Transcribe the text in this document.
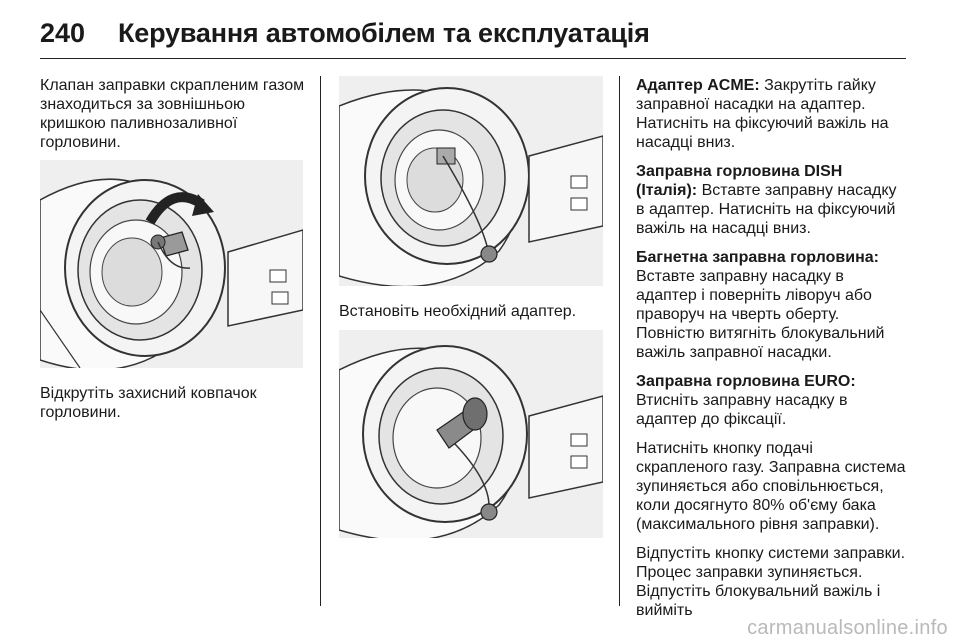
240 Керування автомобілем та експлуатація

Клапан заправки скрапленим газом знаходиться за зовнішньою кришкою паливнозаливної горловини.

Відкрутіть захисний ковпачок горловини.

Встановіть необхідний адаптер.

Адаптер ACME: Закрутіть гайку заправної насадки на адаптер. Натисніть на фіксуючий важіль на насадці вниз.

Заправна горловина DISH (Італія): Вставте заправну насадку в адаптер. Натисніть на фіксуючий важіль на насадці вниз.

Багнетна заправна горловина: Вставте заправну насадку в адаптер і поверніть ліворуч або праворуч на чверть оберту. Повністю витягніть блокувальний важіль заправної насадки.

Заправна горловина EURO: Втисніть заправну насадку в адаптер до фіксації.

Натисніть кнопку подачі скрапленого газу. Заправна система зупиняється або сповільнюється, коли досягнуто 80% об'єму бака (максимального рівня заправки).

Відпустіть кнопку системи заправки. Процес заправки зупиняється. Відпустіть блокувальний важіль і вийміть

carmanualsonline.info
